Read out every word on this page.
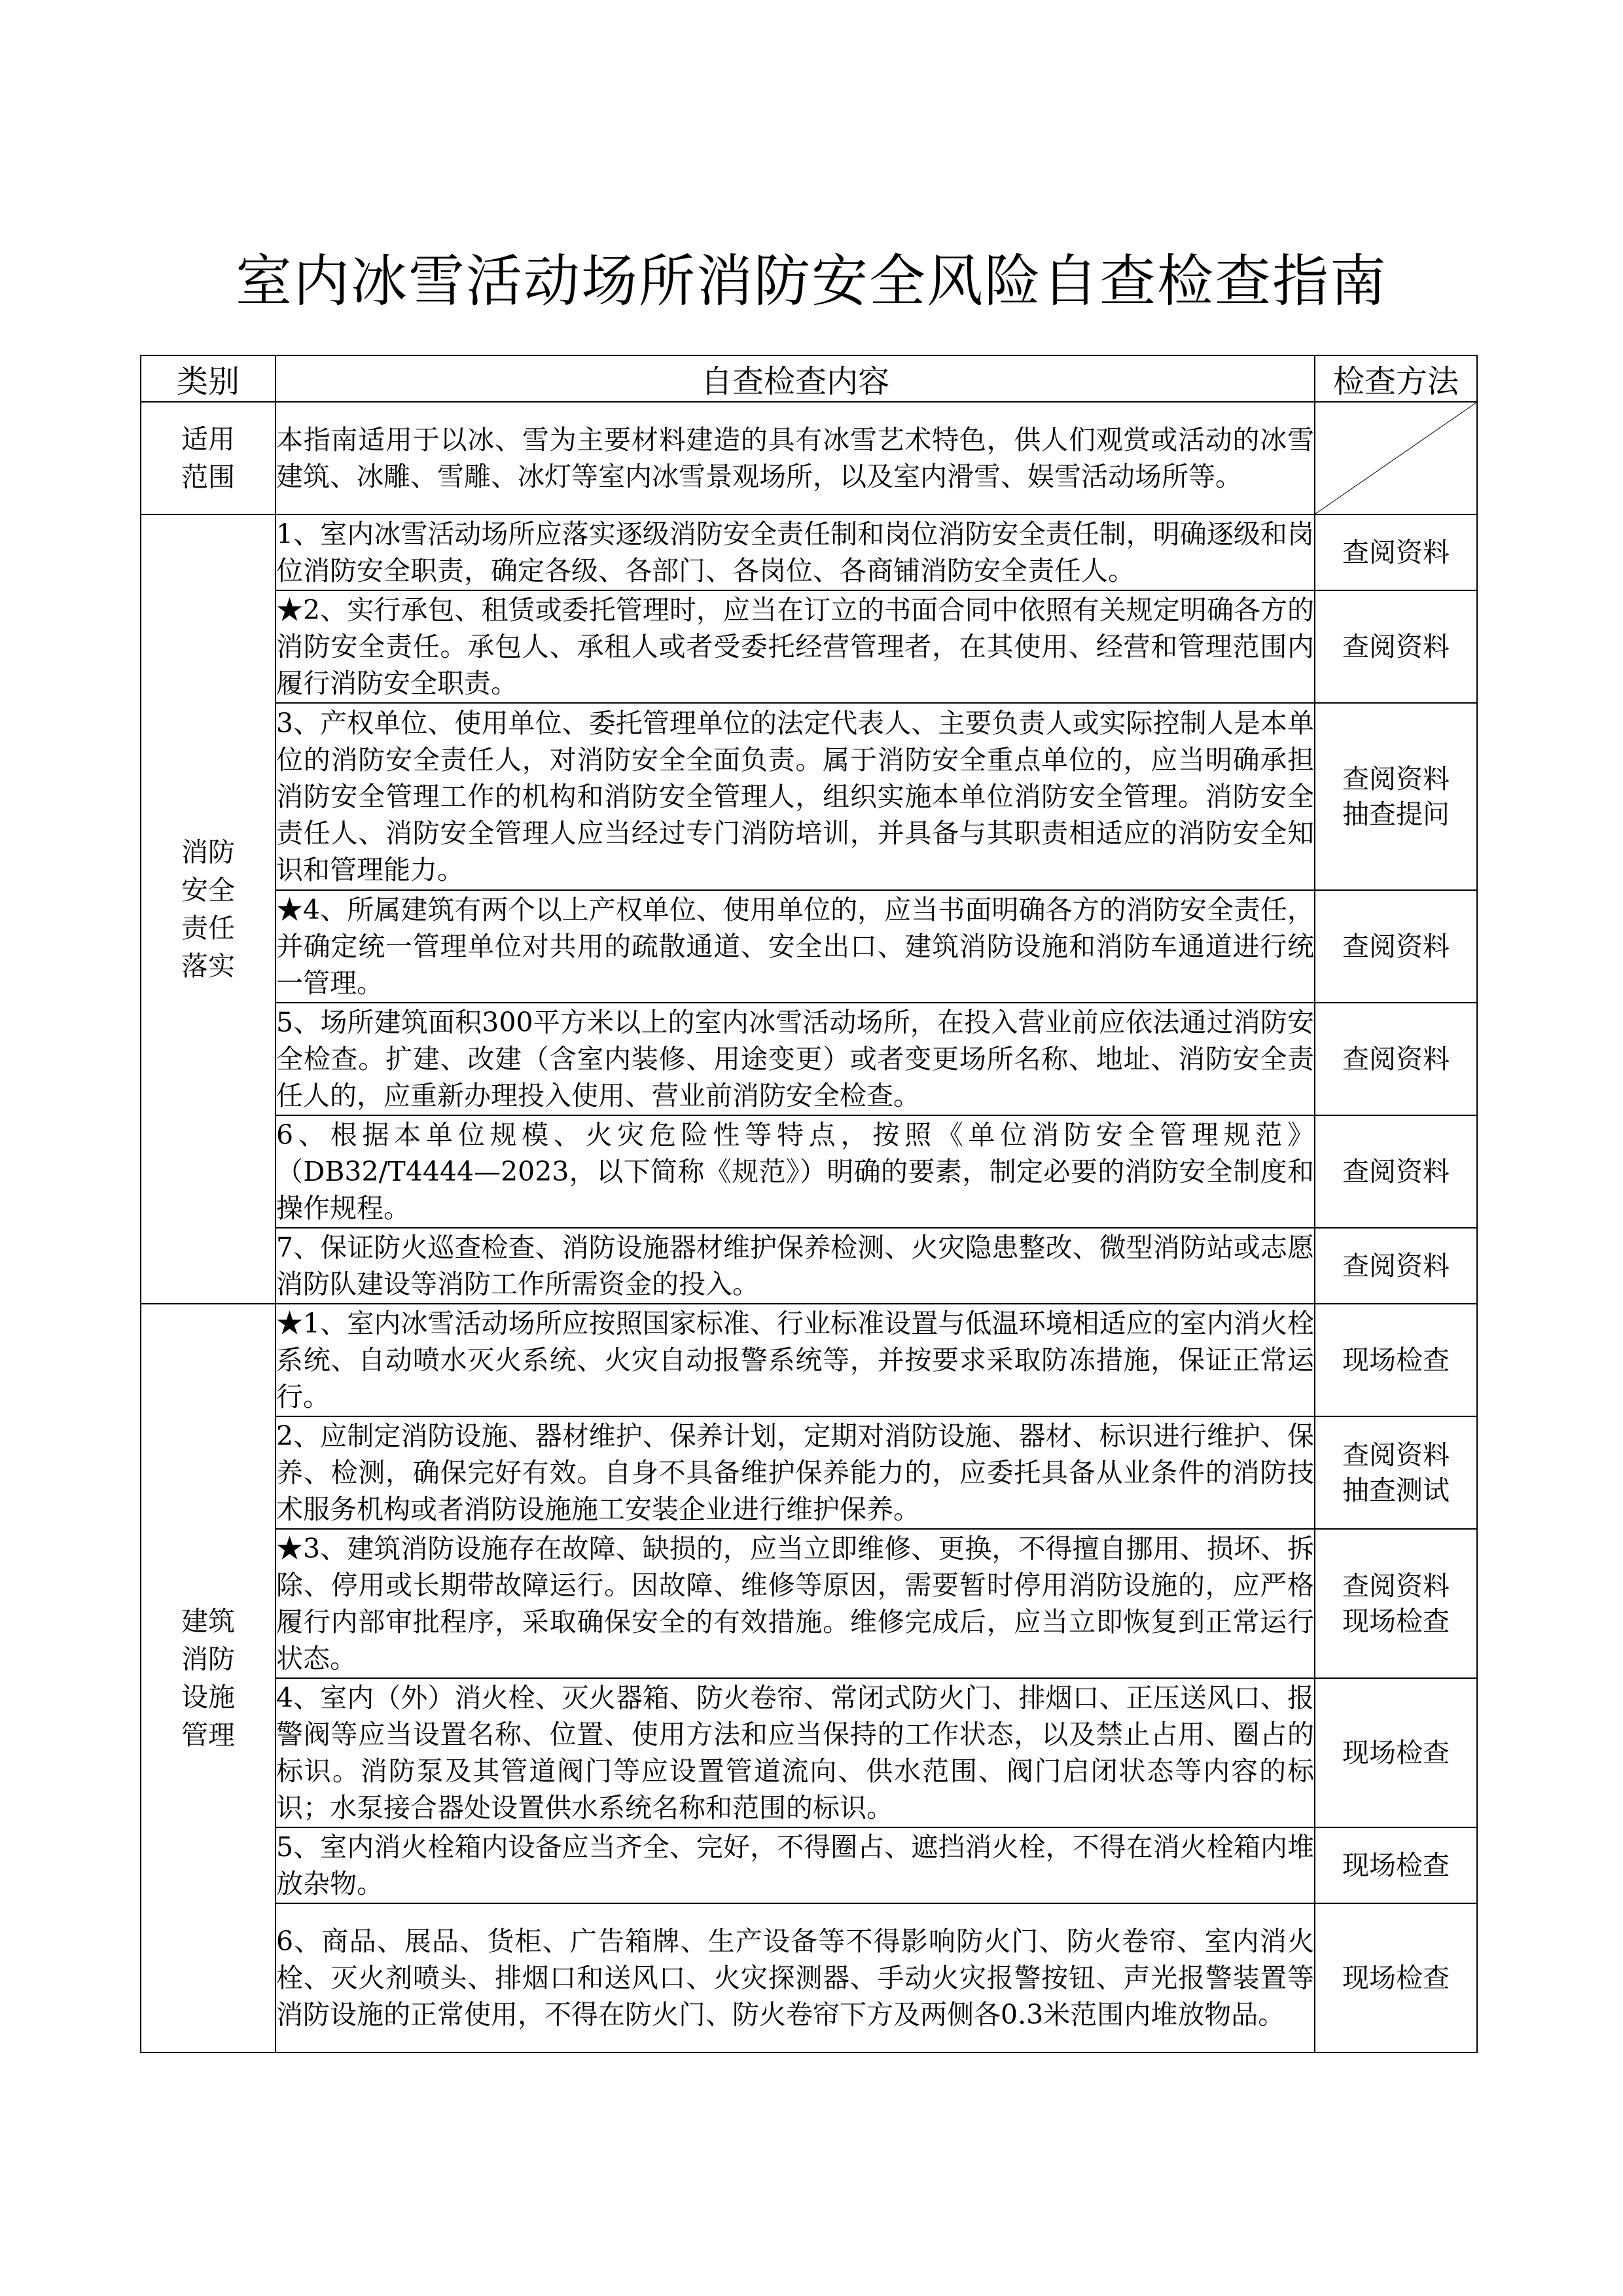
室内冰雪活动场所消防安全风险自查检查指南
类别	自查检查内容	检查方法
适用范围	本指南适用于以冰、雪为主要材料建造的具有冰雪艺术特色，供人们观赏或活动的冰雪建筑、冰雕、雪雕、冰灯等室内冰雪景观场所，以及室内滑雪、娱雪活动场所等。	

消防安全责任落实	1、室内冰雪活动场所应落实逐级消防安全责任制和岗位消防安全责任制，明确逐级和岗位消防安全职责，确定各级、各部门、各岗位、各商铺消防安全责任人。	查阅资料
	★2、实行承包、租赁或委托管理时，应当在订立的书面合同中依照有关规定明确各方的消防安全责任。承包人、承租人或者受委托经营管理者，在其使用、经营和管理范围内履行消防安全职责。	查阅资料
	3、产权单位、使用单位、委托管理单位的法定代表人、主要负责人或实际控制人是本单位的消防安全责任人，对消防安全全面负责。属于消防安全重点单位的，应当明确承担消防安全管理工作的机构和消防安全管理人，组织实施本单位消防安全管理。消防安全责任人、消防安全管理人应当经过专门消防培训，并具备与其职责相适应的消防安全知识和管理能力。	查阅资料
抽查提问
	★4、所属建筑有两个以上产权单位、使用单位的，应当书面明确各方的消防安全责任，并确定统一管理单位对共用的疏散通道、安全出口、建筑消防设施和消防车通道进行统一管理。	查阅资料
	5、场所建筑面积300平方米以上的室内冰雪活动场所，在投入营业前应依法通过消防安全检查。扩建、改建（含室内装修、用途变更）或者变更场所名称、地址、消防安全责任人的，应重新办理投入使用、营业前消防安全检查。	查阅资料
	6、根据本单位规模、火灾危险性等特点，按照《单位消防安全管理规范》（DB32/T4444—2023，以下简称《规范》）明确的要素，制定必要的消防安全制度和操作规程。	查阅资料
	7、保证防火巡查检查、消防设施器材维护保养检测、火灾隐患整改、微型消防站或志愿消防队建设等消防工作所需资金的投入。	查阅资料
建筑消防设施管理	★1、室内冰雪活动场所应按照国家标准、行业标准设置与低温环境相适应的室内消火栓系统、自动喷水灭火系统、火灾自动报警系统等，并按要求采取防冻措施，保证正常运行。	现场检查
	2、应制定消防设施、器材维护、保养计划，定期对消防设施、器材、标识进行维护、保养、检测，确保完好有效。自身不具备维护保养能力的，应委托具备从业条件的消防技术服务机构或者消防设施施工安装企业进行维护保养。	查阅资料
抽查测试
	★3、建筑消防设施存在故障、缺损的，应当立即维修、更换，不得擅自挪用、损坏、拆除、停用或长期带故障运行。因故障、维修等原因，需要暂时停用消防设施的，应严格履行内部审批程序，采取确保安全的有效措施。维修完成后，应当立即恢复到正常运行状态。	查阅资料
现场检查
	4、室内（外）消火栓、灭火器箱、防火卷帘、常闭式防火门、排烟口、正压送风口、报警阀等应当设置名称、位置、使用方法和应当保持的工作状态，以及禁止占用、圈占的标识。消防泵及其管道阀门等应设置管道流向、供水范围、阀门启闭状态等内容的标识；水泵接合器处设置供水系统名称和范围的标识。	现场检查
	5、室内消火栓箱内设备应当齐全、完好，不得圈占、遮挡消火栓，不得在消火栓箱内堆放杂物。	现场检查
	6、商品、展品、货柜、广告箱牌、生产设备等不得影响防火门、防火卷帘、室内消火栓、灭火剂喷头、排烟口和送风口、火灾探测器、手动火灾报警按钮、声光报警装置等消防设施的正常使用，不得在防火门、防火卷帘下方及两侧各0.3米范围内堆放物品。	现场检查
